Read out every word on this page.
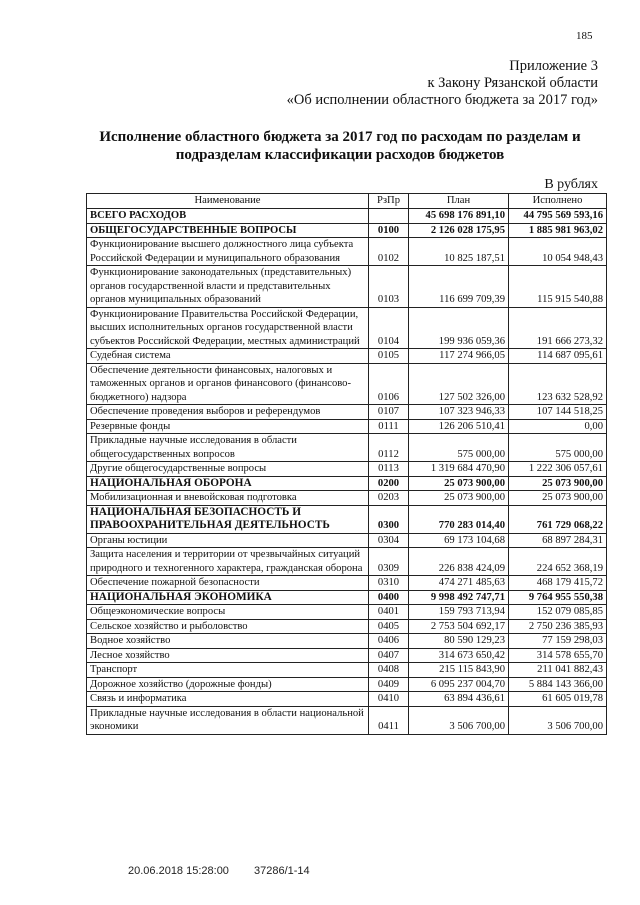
185
Приложение 3
к Закону Рязанской области
«Об исполнении областного бюджета за 2017 год»
Исполнение областного бюджета за 2017 год по расходам по разделам и подразделам классификации расходов бюджетов
В рублях
Наименование	РзПр	План	Исполнено
ВСЕГО РАСХОДОВ		45 698 176 891,10	44 795 569 593,16
ОБЩЕГОСУДАРСТВЕННЫЕ ВОПРОСЫ	0100	2 126 028 175,95	1 885 981 963,02
Функционирование высшего должностного лица субъекта Российской Федерации и муниципального образования	0102	10 825 187,51	10 054 948,43
Функционирование законодательных (представительных) органов государственной власти и представительных органов муниципальных образований	0103	116 699 709,39	115 915 540,88
Функционирование Правительства Российской Федерации, высших исполнительных органов государственной власти субъектов Российской Федерации, местных администраций	0104	199 936 059,36	191 666 273,32
Судебная система	0105	117 274 966,05	114 687 095,61
Обеспечение деятельности финансовых, налоговых и таможенных органов и органов финансового (финансово-бюджетного) надзора	0106	127 502 326,00	123 632 528,92
Обеспечение проведения выборов и референдумов	0107	107 323 946,33	107 144 518,25
Резервные фонды	0111	126 206 510,41	0,00
Прикладные научные исследования в области общегосударственных вопросов	0112	575 000,00	575 000,00
Другие общегосударственные вопросы	0113	1 319 684 470,90	1 222 306 057,61
НАЦИОНАЛЬНАЯ ОБОРОНА	0200	25 073 900,00	25 073 900,00
Мобилизационная и вневойсковая подготовка	0203	25 073 900,00	25 073 900,00
НАЦИОНАЛЬНАЯ БЕЗОПАСНОСТЬ И ПРАВООХРАНИТЕЛЬНАЯ ДЕЯТЕЛЬНОСТЬ	0300	770 283 014,40	761 729 068,22
Органы юстиции	0304	69 173 104,68	68 897 284,31
Защита населения и территории от чрезвычайных ситуаций природного и техногенного характера, гражданская оборона	0309	226 838 424,09	224 652 368,19
Обеспечение пожарной безопасности	0310	474 271 485,63	468 179 415,72
НАЦИОНАЛЬНАЯ ЭКОНОМИКА	0400	9 998 492 747,71	9 764 955 550,38
Общеэкономические вопросы	0401	159 793 713,94	152 079 085,85
Сельское хозяйство и рыболовство	0405	2 753 504 692,17	2 750 236 385,93
Водное хозяйство	0406	80 590 129,23	77 159 298,03
Лесное хозяйство	0407	314 673 650,42	314 578 655,70
Транспорт	0408	215 115 843,90	211 041 882,43
Дорожное хозяйство (дорожные фонды)	0409	6 095 237 004,70	5 884 143 366,00
Связь и информатика	0410	63 894 436,61	61 605 019,78
Прикладные научные исследования в области национальной экономики	0411	3 506 700,00	3 506 700,00
20.06.2018 15:28:00 37286/1-14
